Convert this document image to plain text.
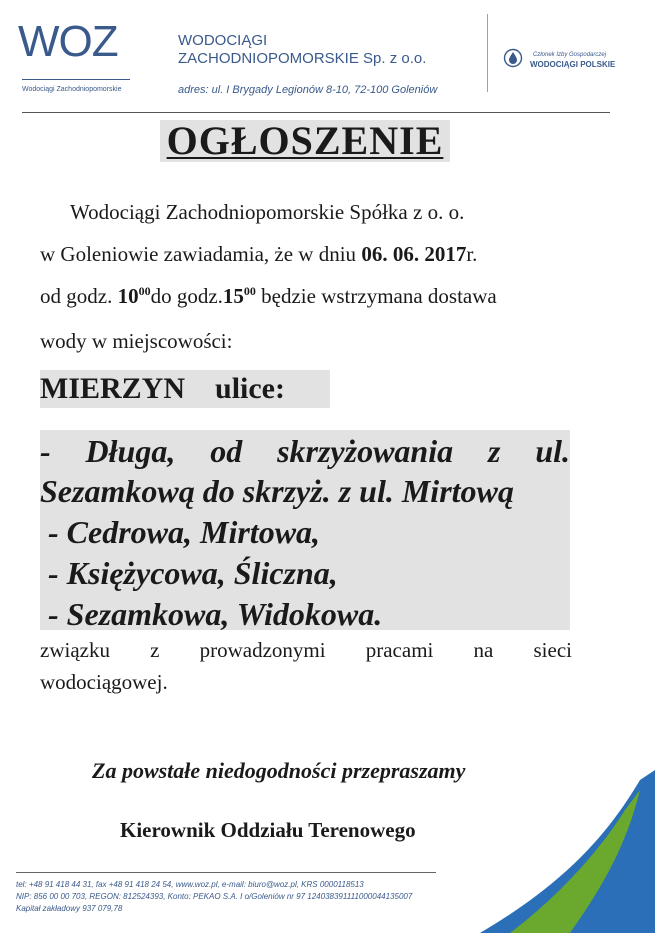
WOZ
Wodociągi Zachodniopomorskie
WODOCIĄGI
ZACHODNIOPOMORSKIE Sp. z o.o.
adres: ul. I Brygady Legionów 8-10, 72-100 Goleniów
Członek Izby Gospodarczej
WODOCIĄGI POLSKIE
OGŁOSZENIE
Wodociągi Zachodniopomorskie Spółka z o. o.
w Goleniowie zawiadamia, że w dniu 06. 06. 2017r.
od godz. $10^{00}do$ $godz.15^{00}$ będzie wstrzymana dostawa
wody w miejscowości:
MIERZYN    ulice:
- Długa, od skrzyżowania z ul.
Sezamkową do skrzyż. z ul. Mirtową
- Cedrowa, Mirtowa,
- Księżycowa, Śliczna,
- Sezamkowa, Widokowa.
związku z prowadzonymi pracami na sieci
wodociągowej.
Za powstałe niedogodności przepraszamy
Kierownik Oddziału Terenowego
tel: +48 91 418 44 31, fax +48 91 418 24 54, www.woz.pl, e-mail: biuro@woz.pl, KRS 0000118513
NIP: 856 00 00 703, REGON: 812524393, Konto: PEKAO S.A. I o/Goleniów nr 97 124038391111000044135007
Kapitał zakładowy 937 079,78
